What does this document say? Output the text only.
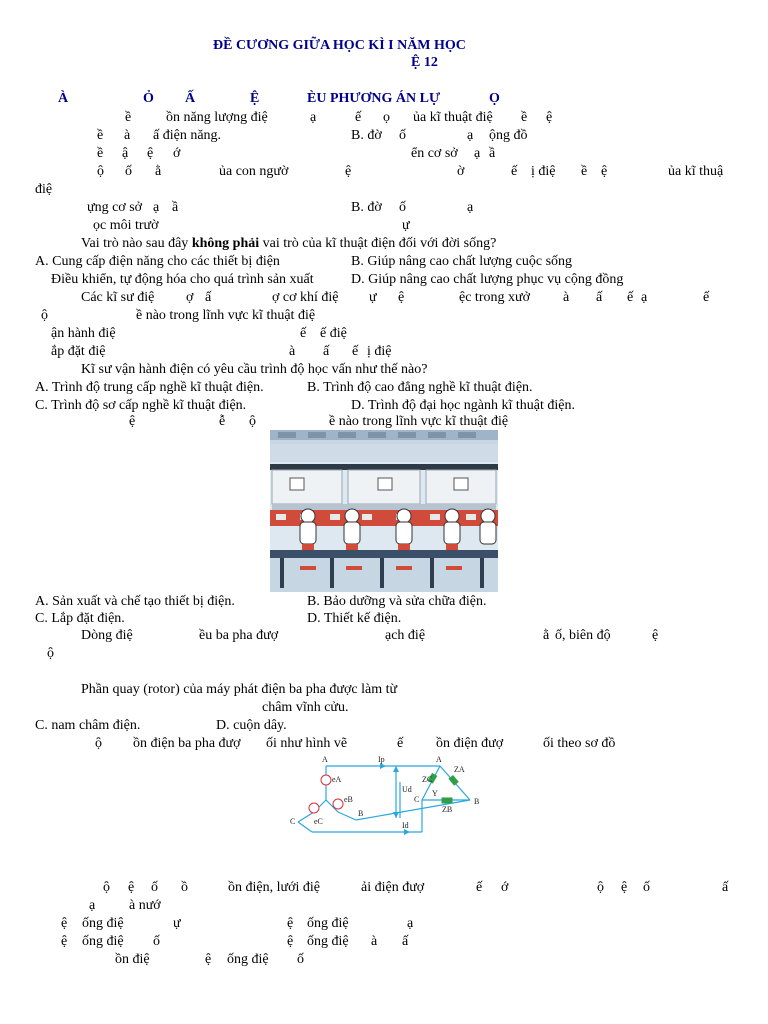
ĐỀ CƯƠNG GIỮA HỌC KÌ I NĂM HỌC
Ệ 12
À	Ỏ Ấ	Ệ	ÈU PHƯƠNG ÁN LỰ	Ọ
ề ồn năng lượng điệ	ạ	ế ọ ủa kĩ thuật điệ ề ệ
ề à ấ điện năng.	B. đờ ố	ạ ộng đồ
ề ậ ệ ớ	ển cơ sở ạ ầ
ộ ố ằ	ủa con ngườ	ệ	ờ	ế ị điệ ề ệ	ủa kĩ thuậ
điệ
ựng cơ sở ạ ầ	B. đờ ố	ạ
ọc môi trườ	ự
Vai trò nào sau đây không phải vai trò của kĩ thuật điện đối với đời sống?
A. Cung cấp điện năng cho các thiết bị điện	B. Giúp nâng cao chất lượng cuộc sống
Điều khiển, tự động hóa cho quá trình sản xuất	D. Giúp nâng cao chất lượng phục vụ cộng đồng
Các kĩ sư điệ ợ ấ	ợ cơ khí điệ ự ệ	ệc trong xưở à ấ ế ạ	ế
ộ	ề nào trong lĩnh vực kĩ thuật điệ
ận hành điệ	ế ế điệ
ắp đặt điệ	à ấ ế ị điệ
Kĩ sư vận hành điện có yêu cầu trình độ học vấn như thế nào?
A. Trình độ trung cấp nghề kĩ thuật điện.	B. Trình độ cao đẳng nghề kĩ thuật điện.
C. Trình độ sơ cấp nghề kĩ thuật điện.	D. Trình độ đại học ngành kĩ thuật điện.
ệ	ễ ộ	ề nào trong lĩnh vực kĩ thuật điệ
A. Sản xuất và chế tạo thiết bị điện.	B. Bảo dưỡng và sửa chữa điện.
C. Lắp đặt điện.	D. Thiết kế điện.
Dòng điệ	ều ba pha đượ	ạch điệ	ằ ố, biên độ	ệ
ộ
Phần quay (rotor) của máy phát điện ba pha được làm từ
châm vĩnh cửu.
C. nam châm điện.	D. cuộn dây.
ộ ồn điện ba pha đượ ối như hình vẽ	ế ồn điện đượ	ối theo sơ đồ
A
B
C
eA
eB
eC
Ud
Ip
Id
ZC
ZA
ZB
Y
A
B
C
ộ ệ ố ồ	ồn điện, lưới điệ	ải điện đượ	ế ớ	ộ ệ ố	ấ
ạ à nướ
ệ ống điệ	ự	ệ ống điệ	ạ
ệ ống điệ ố	ệ ống điệ à ấ
ồn điệ	ệ ống điệ ố
